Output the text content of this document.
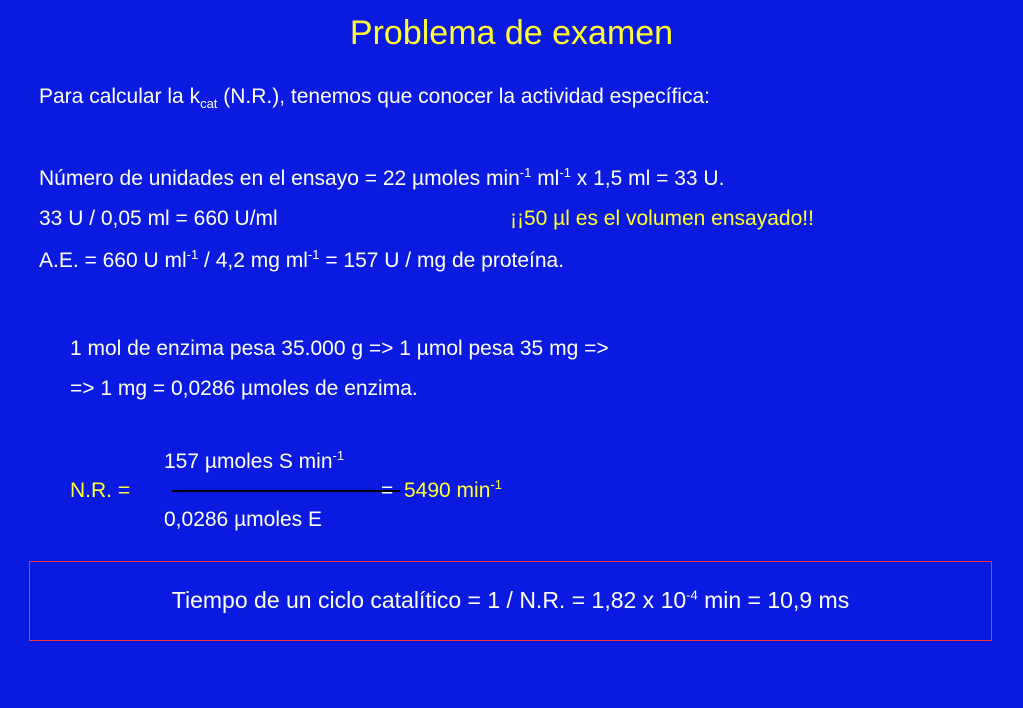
Problema de examen
Para calcular la $k_{cat}$ (N.R.), tenemos que conocer la actividad específica:
Número de unidades en el ensayo = 22 µmoles $\min^{-1} ml^{-1}$ x 1,5 ml = 33 U.
33 U / 0,05 ml = 660 U/ml	¡¡50 µl es el volumen ensayado!!
A.E. = 660 U $ml^{-1} / 4,2$ mg $ml^{-1} = 157$ U / mg de proteína.
1 mol de enzima pesa 35.000 g => 1 µmol pesa 35 mg =>
=> 1 mg = 0,0286 µmoles de enzima.
157 µmoles S $\min^{-1}$
N.R. =	= 5490 $\min^{-1}$
0,0286 µmoles E
Tiempo de un ciclo catalítico = 1 / N.R. = 1,82 x $10^{-4}$ min = 10,9 ms
